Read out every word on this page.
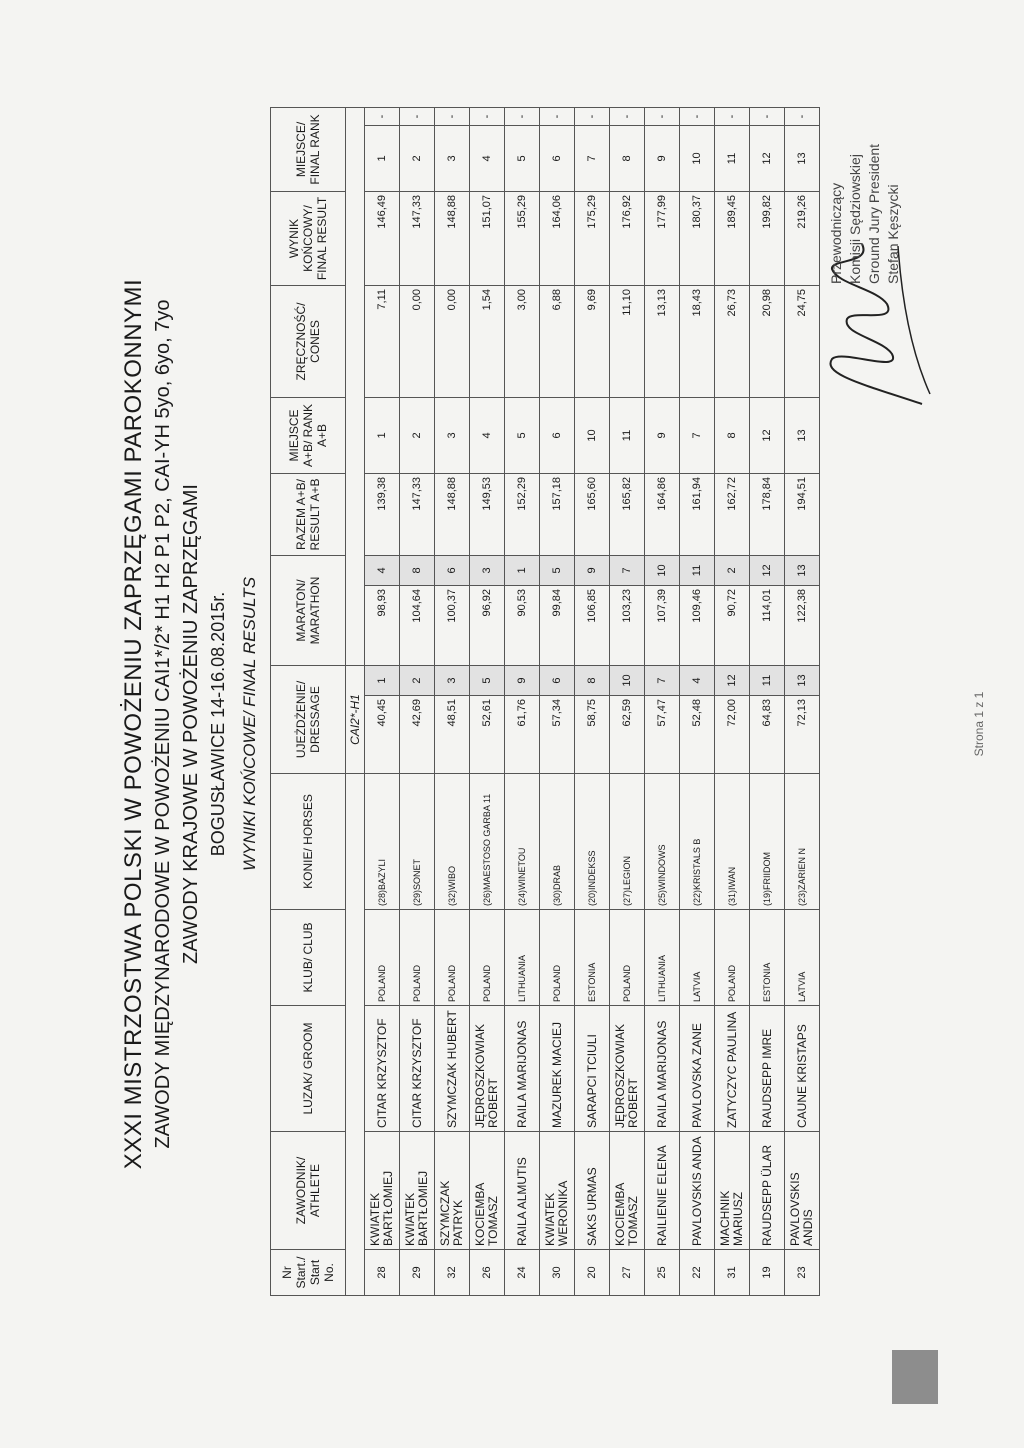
XXXI MISTRZOSTWA POLSKI W POWOŻENIU ZAPRZĘGAMI PAROKONNYMI ZAWODY MIĘDZYNARODOWE W POWOŻENIU CAI1*/2* H1 H2 P1 P2, CAI-YH 5yo, 6yo, 7yo ZAWODY KRAJOWE W POWOŻENIU ZAPRZĘGAMI BOGUSŁAWICE 14-16.08.2015r. WYNIKI KOŃCOWE/ FINAL RESULTS
Nr Start./ Start No.	ZAWODNIK/ ATHLETE	LUZAK/ GROOM	KLUB/ CLUB	KONIE/ HORSES	UJEŻDŻENIE/ DRESSAGE		MARATON/ MARATHON		RAZEM A+B/ RESULT A+B	MIEJSCE A+B/ RANK A+B	ZRĘCZNOŚĆ/ CONES	WYNIK KOŃCOWY/ FINAL RESULT	MIEJSCE/ FINAL RANK	
					CAI2*-H1									
28	KWIATEK BARTŁOMIEJ	CITAR KRZYSZTOF	POLAND	(28)BAZYLI	40,45	1	98,93	4	139,38	1	7,11	146,49	1	-
29	KWIATEK BARTŁOMIEJ	CITAR KRZYSZTOF	POLAND	(29)SONET	42,69	2	104,64	8	147,33	2	0,00	147,33	2	-
32	SZYMCZAK PATRYK	SZYMCZAK HUBERT	POLAND	(32)WIBO	48,51	3	100,37	6	148,88	3	0,00	148,88	3	-
26	KOCIEMBA TOMASZ	JĘDROSZKOWIAK ROBERT	POLAND	(26)MAESTOSO GARBA 11	52,61	5	96,92	3	149,53	4	1,54	151,07	4	-
24	RAILA ALMUTIS	RAILA MARIJONAS	LITHUANIA	(24)WINETOU	61,76	9	90,53	1	152,29	5	3,00	155,29	5	-
30	KWIATEK WERONIKA	MAZUREK MACIEJ	POLAND	(30)DRAB	57,34	6	99,84	5	157,18	6	6,88	164,06	6	-
20	SAKS URMAS	SARAPCI TCIULI	ESTONIA	(20)INDEKSS	58,75	8	106,85	9	165,60	10	9,69	175,29	7	-
27	KOCIEMBA TOMASZ	JĘDROSZKOWIAK ROBERT	POLAND	(27)LEGION	62,59	10	103,23	7	165,82	11	11,10	176,92	8	-
25	RAILIENIE ELENA	RAILA MARIJONAS	LITHUANIA	(25)WINDOWS	57,47	7	107,39	10	164,86	9	13,13	177,99	9	-
22	PAVLOVSKIS ANDA	PAVLOVSKA ZANE	LATVIA	(22)KRISTALS B	52,48	4	109,46	11	161,94	7	18,43	180,37	10	-
31	MACHNIK MARIUSZ	ZATYCZYC PAULINA	POLAND	(31)IWAN	72,00	12	90,72	2	162,72	8	26,73	189,45	11	-
19	RAUDSEPP ÜLAR	RAUDSEPP IMRE	ESTONIA	(19)FRIIDOM	64,83	11	114,01	12	178,84	12	20,98	199,82	12	-
23	PAVLOVSKIS ANDIS	CAUNE KRISTAPS	LATVIA	(23)ZARIEN N	72,13	13	122,38	13	194,51	13	24,75	219,26	13	-
Przewodniczący Komisji Sędziowskiej Ground Jury President Stefan Kęszycki
Strona 1 z 1
